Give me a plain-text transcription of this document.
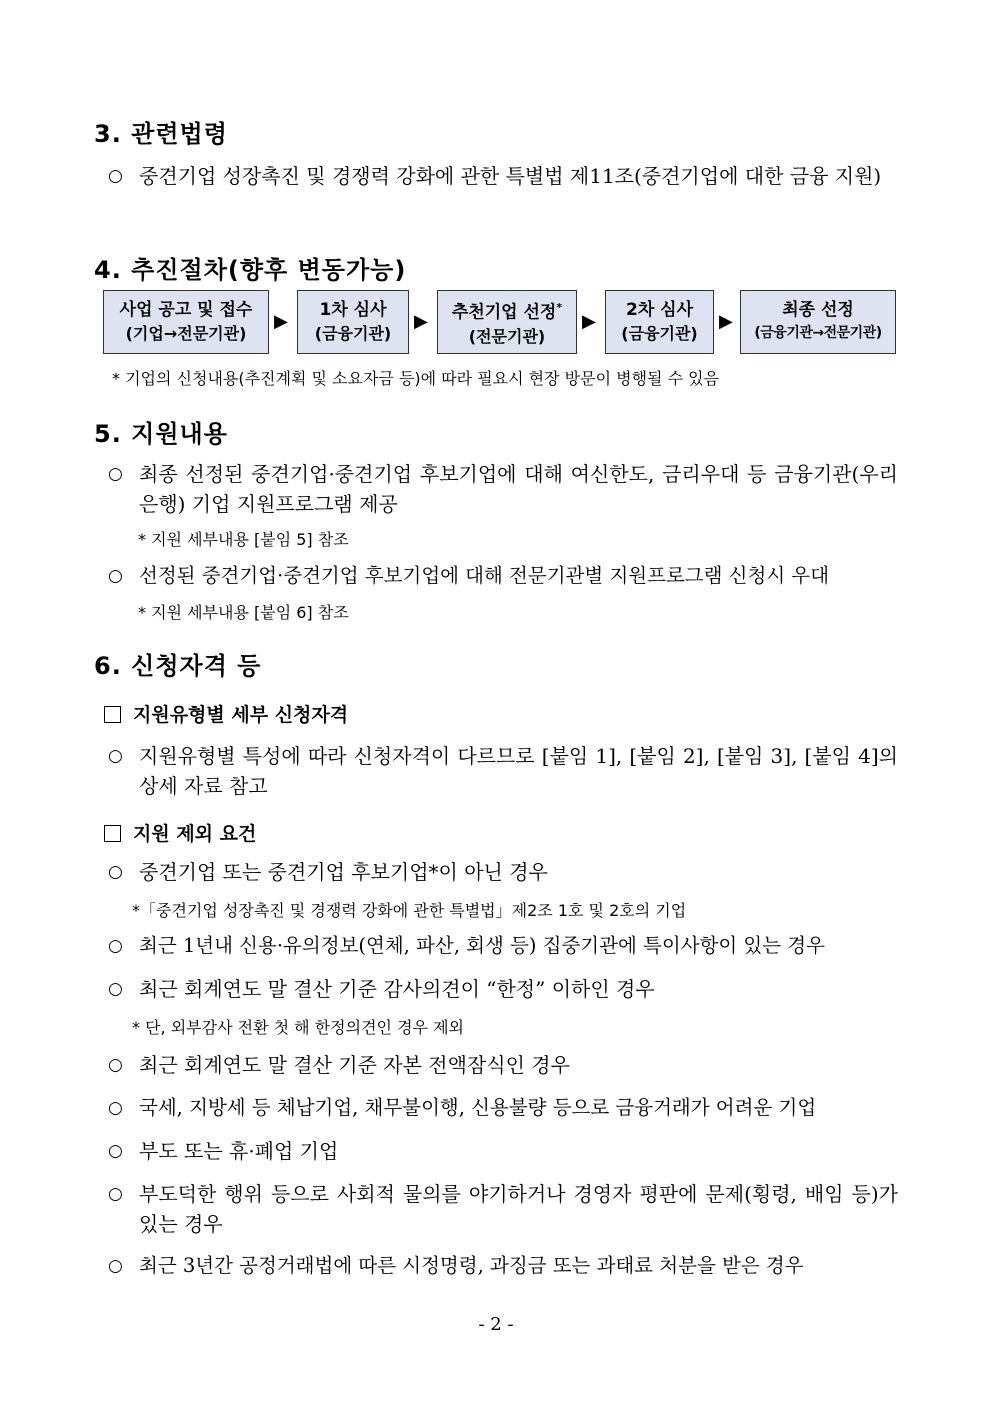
3. 관련법령
○ 중견기업 성장촉진 및 경쟁력 강화에 관한 특별법 제11조(중견기업에 대한 금융 지원)
4. 추진절차(향후 변동가능)
사업 공고 및 접수
(기업→전문기관)
▶
1차 심사
(금융기관)
▶	추천기업 선정*
(전문기관)
▶
2차 심사
(금융기관)
▶
최종 선정
(금융기관→전문기관)
* 기업의 신청내용(추진계획 및 소요자금 등)에 따라 필요시 현장 방문이 병행될 수 있음
5. 지원내용
○ 최종 선정된 중견기업·중견기업 후보기업에 대해 여신한도, 금리우대 등 금융기관(우리은행) 기업 지원프로그램 제공
* 지원 세부내용 [붙임 5] 참조
○ 선정된 중견기업·중견기업 후보기업에 대해 전문기관별 지원프로그램 신청시 우대
* 지원 세부내용 [붙임 6] 참조
6. 신청자격 등
지원유형별 세부 신청자격
○ 지원유형별 특성에 따라 신청자격이 다르므로 [붙임 1], [붙임 2], [붙임 3], [붙임 4]의 상세 자료 참고
지원 제외 요건
○ 중견기업 또는 중견기업 후보기업*이 아닌 경우
*「중견기업 성장촉진 및 경쟁력 강화에 관한 특별법」제2조 1호 및 2호의 기업
○ 최근 1년내 신용·유의정보(연체, 파산, 회생 등) 집중기관에 특이사항이 있는 경우
○ 최근 회계연도 말 결산 기준 감사의견이 “한정” 이하인 경우
* 단, 외부감사 전환 첫 해 한정의견인 경우 제외
○ 최근 회계연도 말 결산 기준 자본 전액잠식인 경우
○ 국세, 지방세 등 체납기업, 채무불이행, 신용불량 등으로 금융거래가 어려운 기업
○ 부도 또는 휴·폐업 기업
○ 부도덕한 행위 등으로 사회적 물의를 야기하거나 경영자 평판에 문제(횡령, 배임 등)가 있는 경우
○ 최근 3년간 공정거래법에 따른 시정명령, 과징금 또는 과태료 처분을 받은 경우
- 2 -
